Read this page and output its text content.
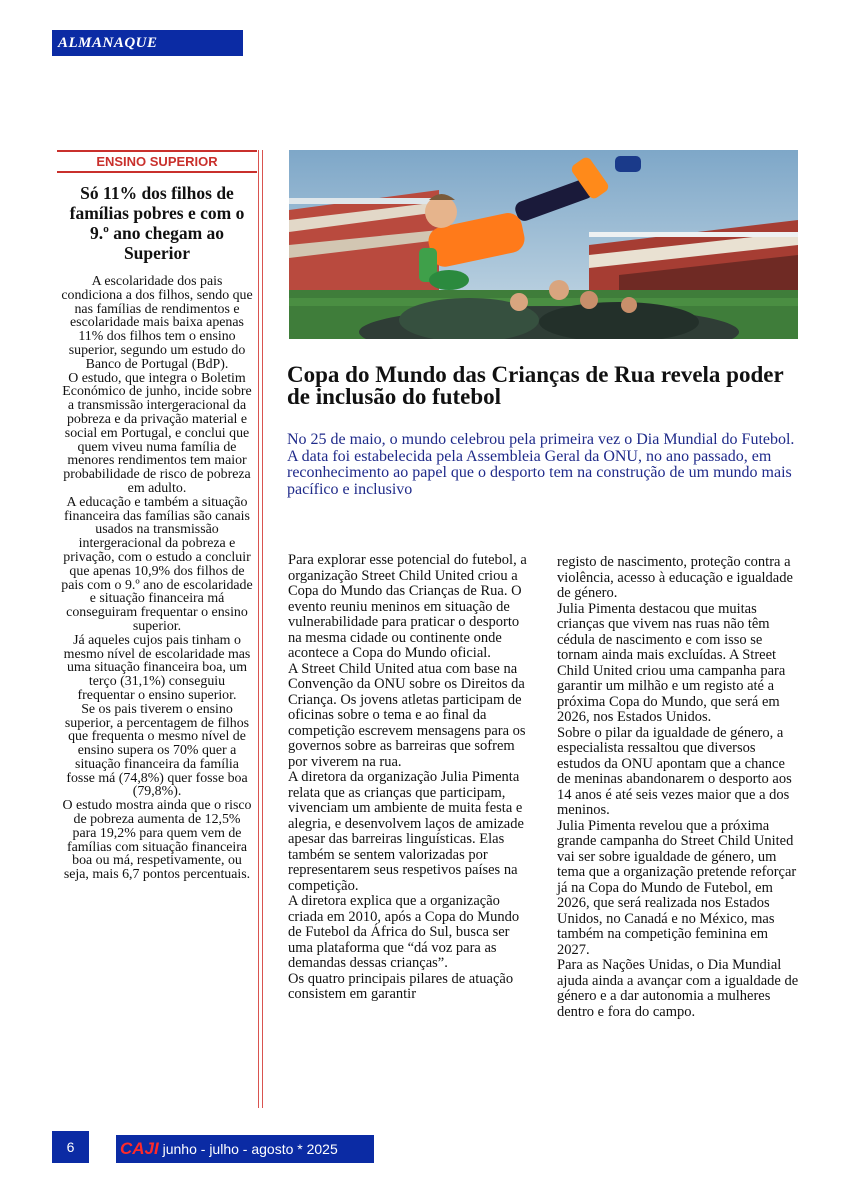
ALMANAQUE
ENSINO SUPERIOR
Só 11% dos filhos de famílias pobres e com o 9.º ano chegam ao Superior

A escolaridade dos pais condiciona a dos filhos, sendo que nas famílias de rendimentos e escolaridade mais baixa apenas 11% dos filhos tem o ensino superior, segundo um estudo do Banco de Portugal (BdP).

O estudo, que integra o Boletim Económico de junho, incide sobre a transmissão intergeracional da pobreza e da privação material e social em Portugal, e conclui que quem viveu numa família de menores rendimentos tem maior probabilidade de risco de pobreza em adulto.

A educação e também a situação financeira das famílias são canais usados na transmissão intergeracional da pobreza e privação, com o estudo a concluir que apenas 10,9% dos filhos de pais com o 9.º ano de escolaridade e situação financeira má conseguiram frequentar o ensino superior.

Já aqueles cujos pais tinham o mesmo nível de escolaridade mas uma situação financeira boa, um terço (31,1%) conseguiu frequentar o ensino superior.

Se os pais tiverem o ensino superior, a percentagem de filhos que frequenta o mesmo nível de ensino supera os 70% quer a situação financeira da família fosse má (74,8%) quer fosse boa (79,8%).

O estudo mostra ainda que o risco de pobreza aumenta de 12,5% para 19,2% para quem vem de famílias com situação financeira boa ou má, respetivamente, ou seja, mais 6,7 pontos percentuais.

Copa do Mundo das Crianças de Rua revela poder de inclusão do futebol

No 25 de maio, o mundo celebrou pela primeira vez o Dia Mundial do Futebol. A data foi estabelecida pela Assembleia Geral da ONU, no ano passado, em reconhecimento ao papel que o desporto tem na construção de um mundo mais pacífico e inclusivo

Para explorar esse potencial do futebol, a organização Street Child United criou a Copa do Mundo das Crianças de Rua. O evento reuniu meninos em situação de vulnerabilidade para praticar o desporto na mesma cidade ou continente onde acontece a Copa do Mundo oficial.

A Street Child United atua com base na Convenção da ONU sobre os Direitos da Criança. Os jovens atletas participam de oficinas sobre o tema e ao final da competição escrevem mensagens para os governos sobre as barreiras que sofrem por viverem na rua.

A diretora da organização Julia Pimenta relata que as crianças que participam, vivenciam um ambiente de muita festa e alegria, e desenvolvem laços de amizade apesar das barreiras linguísticas. Elas também se sentem valorizadas por representarem seus respetivos países na competição.

A diretora explica que a organização criada em 2010, após a Copa do Mundo de Futebol da África do Sul, busca ser uma plataforma que “dá voz para as demandas dessas crianças”.

Os quatro principais pilares de atuação consistem em garantir

registo de nascimento, proteção contra a violência, acesso à educação e igualdade de género.

Julia Pimenta destacou que muitas crianças que vivem nas ruas não têm cédula de nascimento e com isso se tornam ainda mais excluídas. A Street Child United criou uma campanha para garantir um milhão e um registo até a próxima Copa do Mundo, que será em 2026, nos Estados Unidos.

Sobre o pilar da igualdade de género, a especialista ressaltou que diversos estudos da ONU apontam que a chance de meninas abandonarem o desporto aos 14 anos é até seis vezes maior que a dos meninos.

Julia Pimenta revelou que a próxima grande campanha do Street Child United vai ser sobre igualdade de género, um tema que a organização pretende reforçar já na Copa do Mundo de Futebol, em 2026, que será realizada nos Estados Unidos, no Canadá e no México, mas também na competição feminina em 2027.

Para as Nações Unidas, o Dia Mundial ajuda ainda a avançar com a igualdade de género e a dar autonomia a mulheres dentro e fora do campo.

6	CAJI junho - julho - agosto * 2025
